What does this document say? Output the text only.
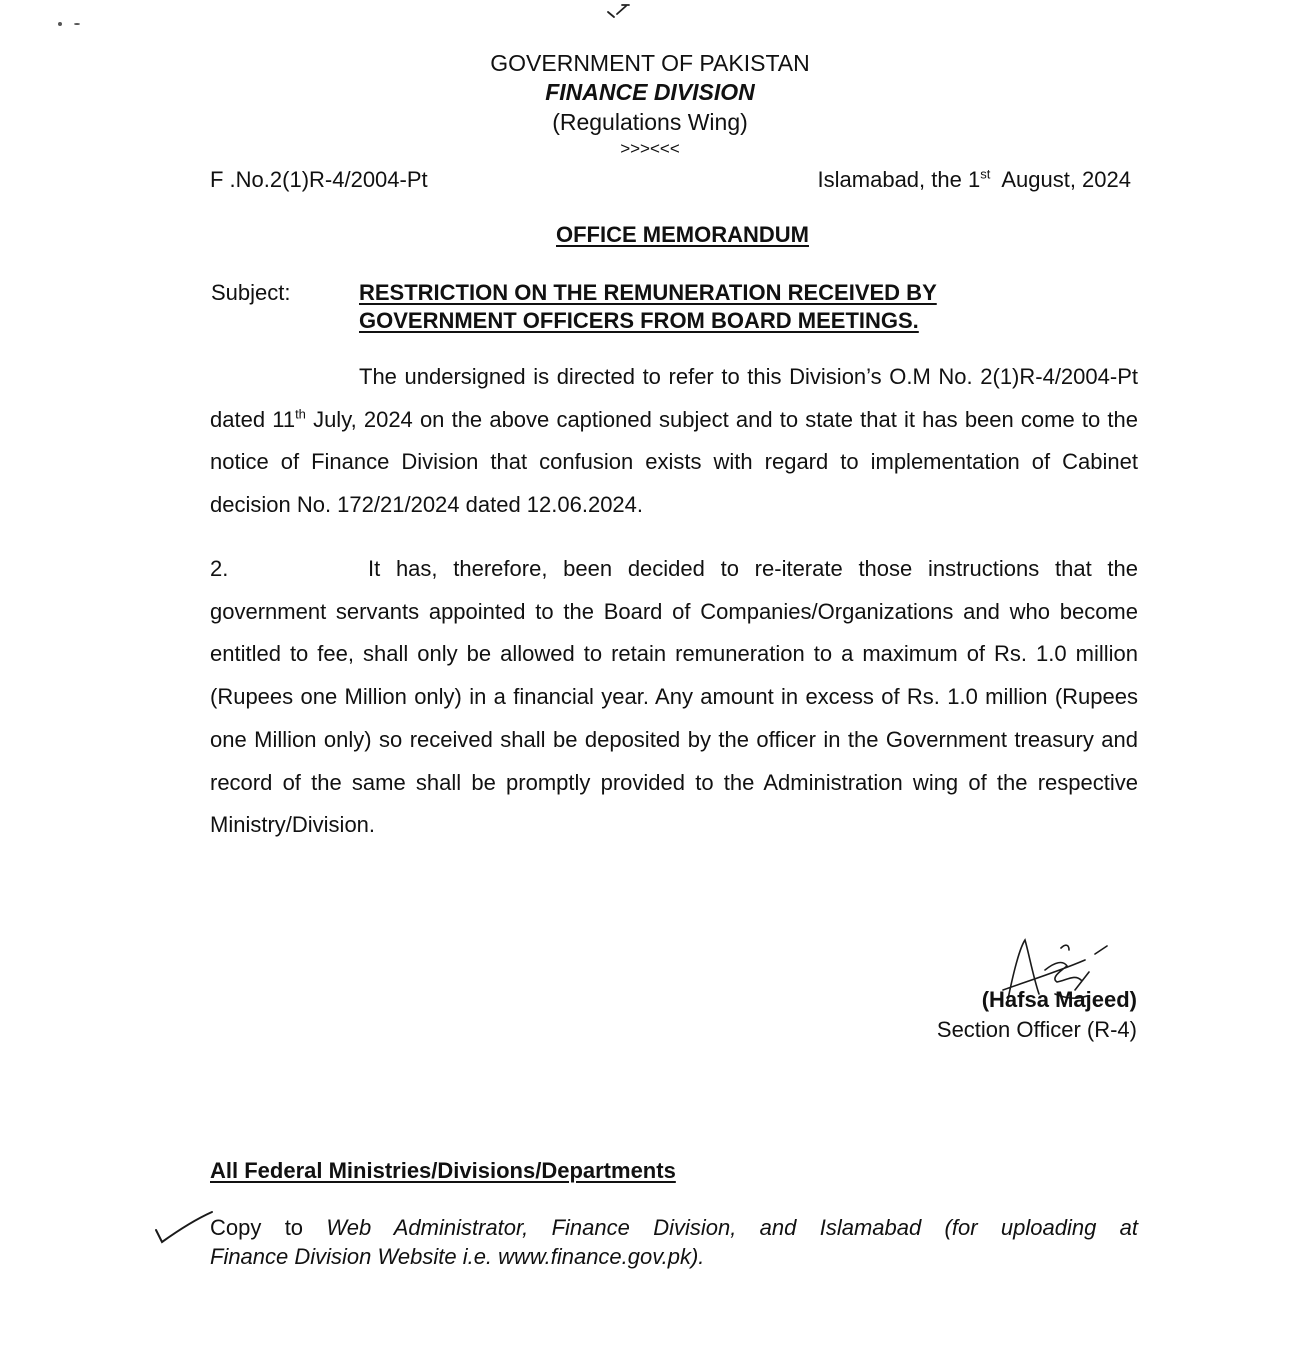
GOVERNMENT OF PAKISTAN
FINANCE DIVISION
(Regulations Wing)
>>><<<
F .No.2(1)R-4/2004-Pt	Islamabad, the 1st  August, 2024
OFFICE MEMORANDUM
Subject:	RESTRICTION ON THE REMUNERATION RECEIVED BY
GOVERNMENT OFFICERS FROM BOARD MEETINGS.

The undersigned is directed to refer to this Division’s O.M No. 2(1)R-4/2004-Pt dated 11th July, 2024 on the above captioned subject and to state that it has been come to the notice of Finance Division that confusion exists with regard to implementation of Cabinet decision No. 172/21/2024 dated 12.06.2024.

2.	It has, therefore, been decided to re-iterate those instructions that the government servants appointed to the Board of Companies/Organizations and who become entitled to fee, shall only be allowed to retain remuneration to a maximum of Rs. 1.0 million (Rupees one Million only) in a financial year. Any amount in excess of Rs. 1.0 million (Rupees one Million only) so received shall be deposited by the officer in the Government treasury and record of the same shall be promptly provided to the Administration wing of the respective Ministry/Division.

(Hafsa Majeed)
Section Officer (R-4)
All Federal Ministries/Divisions/Departments
Copy to Web Administrator, Finance Division, and Islamabad (for uploading at
Finance Division Website i.e. www.finance.gov.pk).
